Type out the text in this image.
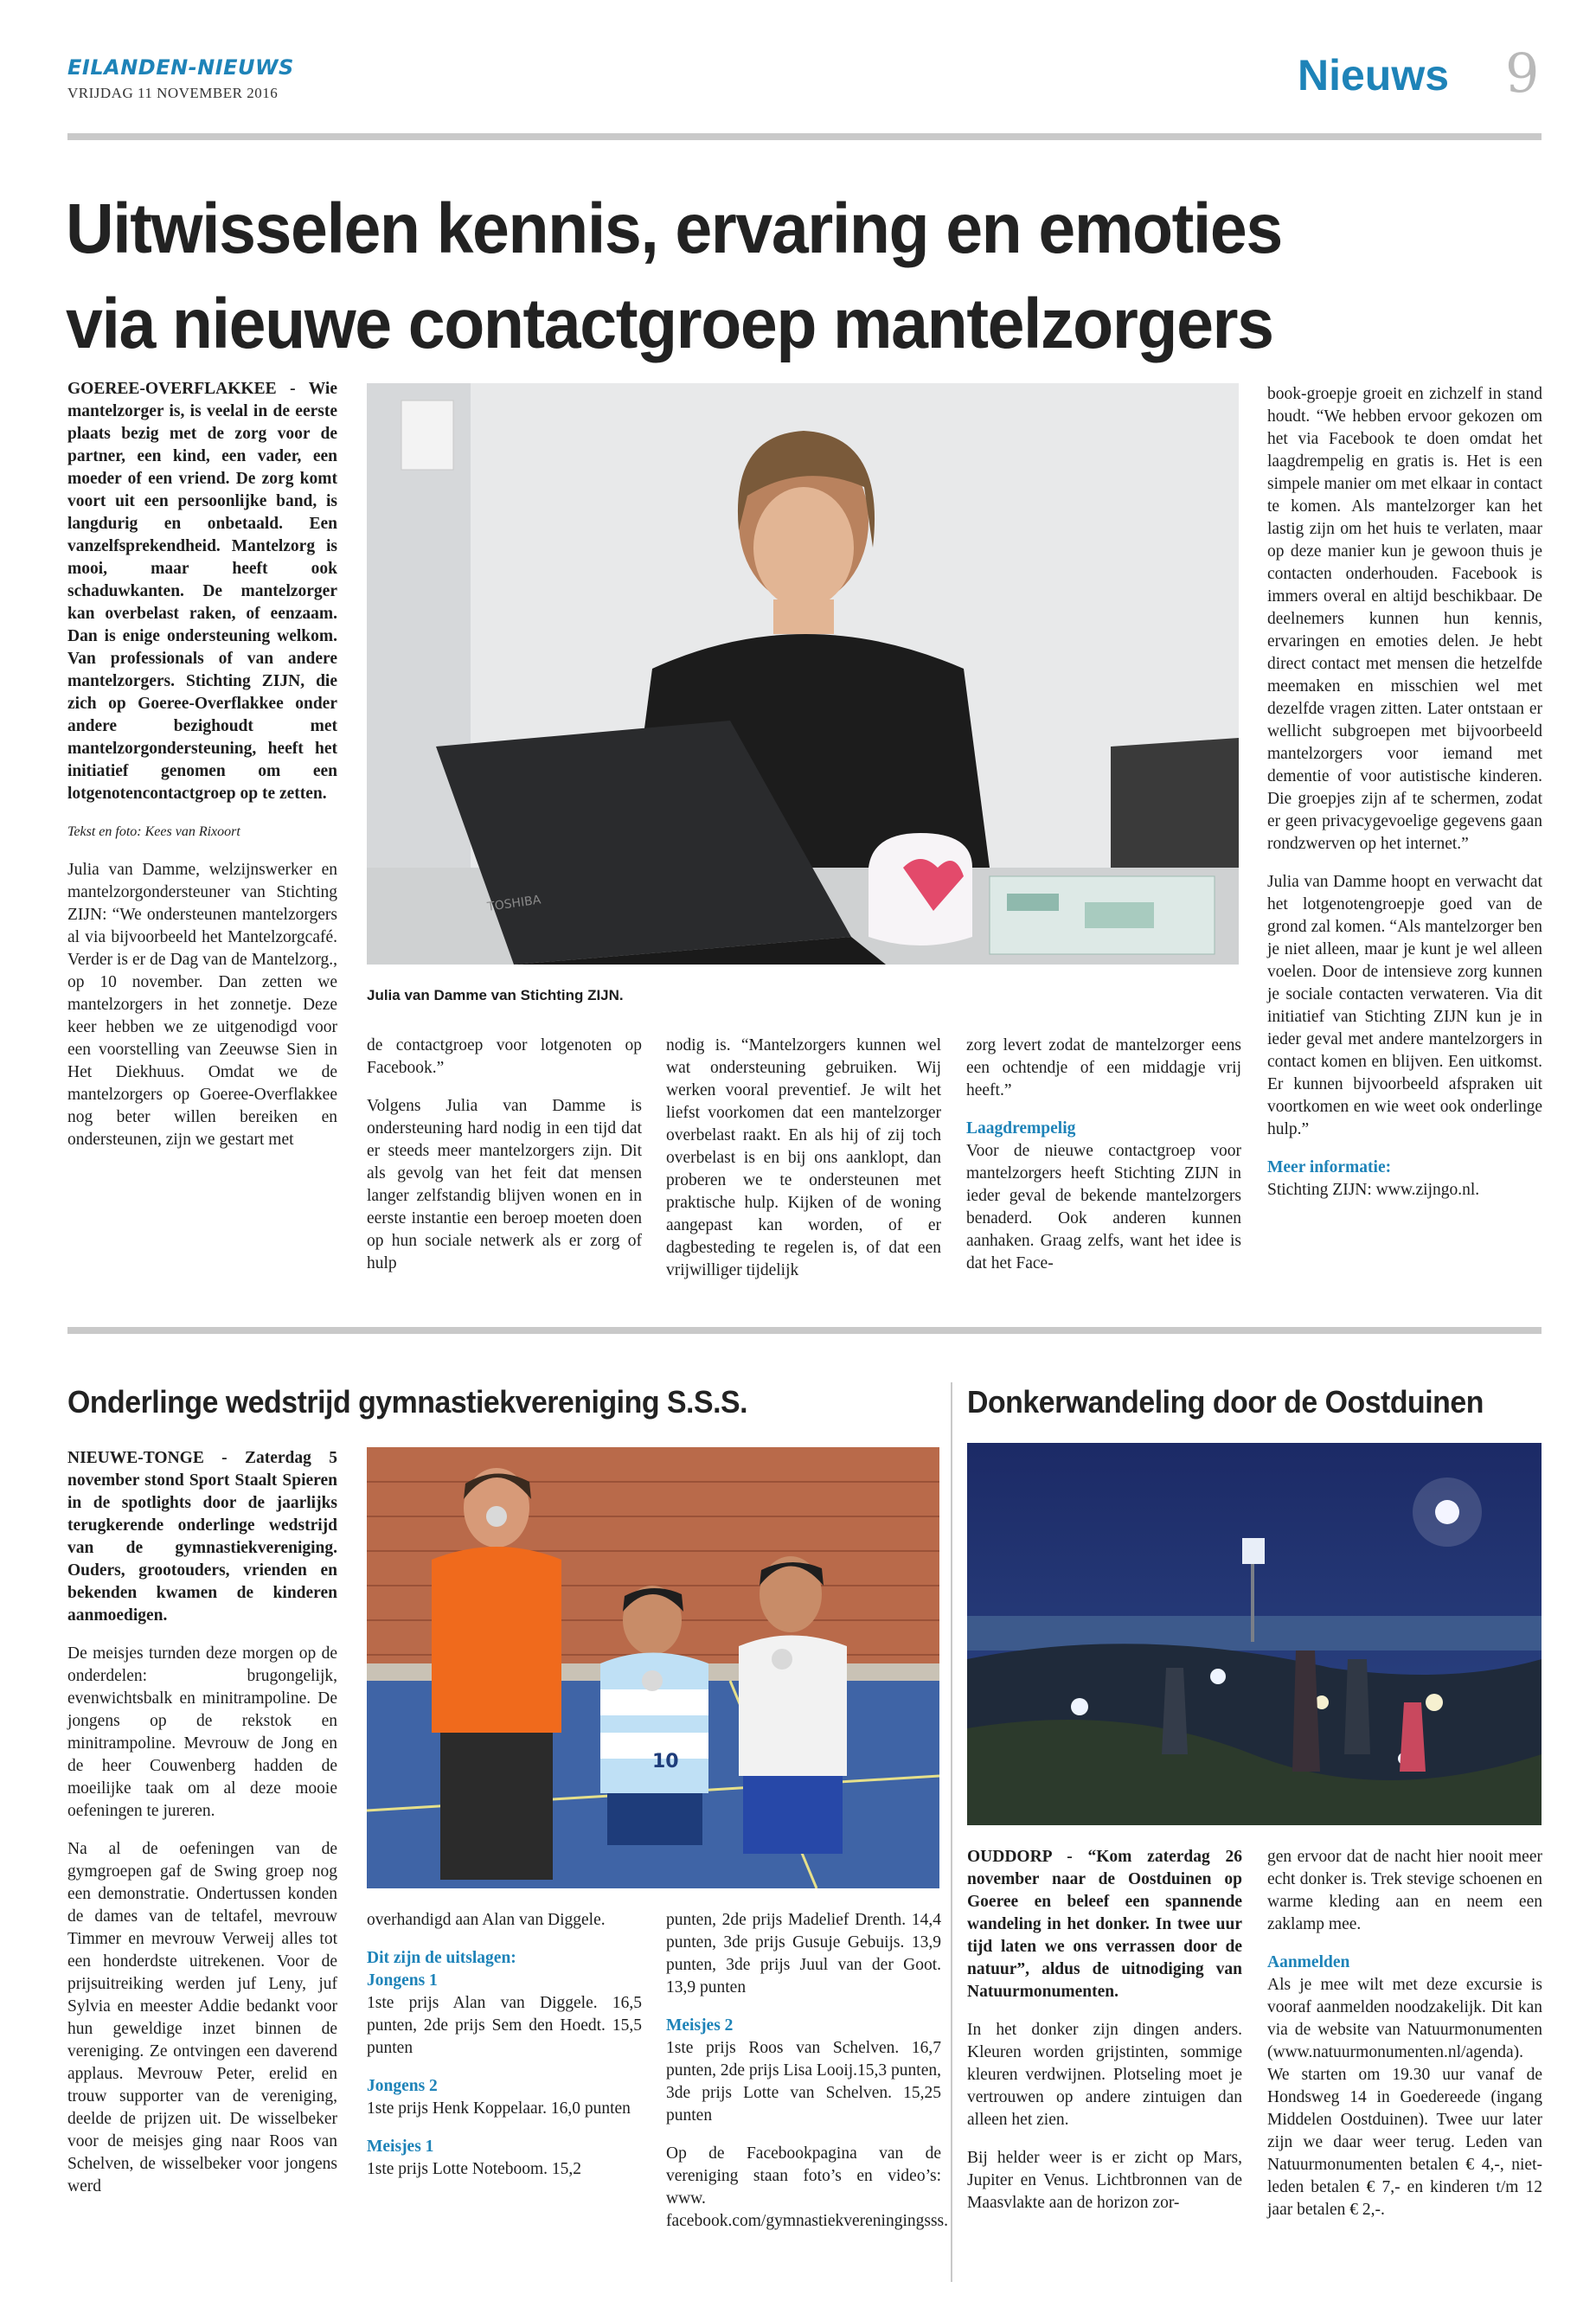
EILANDEN-NIEUWS
VRIJDAG 11 NOVEMBER 2016	Nieuws 9
Uitwisselen kennis, ervaring en emoties
via nieuwe contactgroep mantelzorgers

GOEREE-OVERFLAKKEE - Wie mantelzorger is, is veelal in de eerste plaats bezig met de zorg voor de partner, een kind, een vader, een moeder of een vriend. De zorg komt voort uit een persoonlijke band, is langdurig en onbetaald. Een vanzelfsprekendheid. Mantelzorg is mooi, maar heeft ook schaduwkanten. De mantelzorger kan overbelast raken, of eenzaam. Dan is enige ondersteuning welkom. Van professionals of van andere mantelzorgers. Stichting ZIJN, die zich op Goeree-Overflakkee onder andere bezighoudt met mantelzorgondersteuning, heeft het initiatief genomen om een lotgenotencontactgroep op te zetten.

Tekst en foto: Kees van Rixoort

Julia van Damme, welzijnswerker en mantelzorgondersteuner van Stichting ZIJN: “We ondersteunen mantelzorgers al via bijvoorbeeld het Mantelzorgcafé. Verder is er de Dag van de Mantelzorg., op 10 november. Dan zetten we mantelzorgers in het zonnetje. Deze keer hebben we ze uitgenodigd voor een voorstelling van Zeeuwse Sien in Het Diekhuus. Omdat we de mantelzorgers op Goeree-Overflakkee nog beter willen bereiken en ondersteunen, zijn we gestart met

TOSHIBA
Julia van Damme van Stichting ZIJN.

de contactgroep voor lotgenoten op Facebook.”

Volgens Julia van Damme is ondersteuning hard nodig in een tijd dat er steeds meer mantelzorgers zijn. Dit als gevolg van het feit dat mensen langer zelfstandig blijven wonen en in eerste instantie een beroep moeten doen op hun sociale netwerk als er zorg of hulp

nodig is. “Mantelzorgers kunnen wel wat ondersteuning gebruiken. Wij werken vooral preventief. Je wilt het liefst voorkomen dat een mantelzorger overbelast raakt. En als hij of zij toch overbelast is en bij ons aanklopt, dan proberen we te ondersteunen met praktische hulp. Kijken of de woning aangepast kan worden, of er dagbesteding te regelen is, of dat een vrijwilliger tijdelijk

zorg levert zodat de mantelzorger eens een ochtendje of een middagje vrij heeft.”

Laagdrempelig

Voor de nieuwe contactgroep voor mantelzorgers heeft Stichting ZIJN in ieder geval de bekende mantelzorgers benaderd. Ook anderen kunnen aanhaken. Graag zelfs, want het idee is dat het Face-

book-groepje groeit en zichzelf in stand houdt. “We hebben ervoor gekozen om het via Facebook te doen omdat het laagdrempelig en gratis is. Het is een simpele manier om met elkaar in contact te komen. Als mantelzorger kan het lastig zijn om het huis te verlaten, maar op deze manier kun je gewoon thuis je contacten onderhouden. Facebook is immers overal en altijd beschikbaar. De deelnemers kunnen hun kennis, ervaringen en emoties delen. Je hebt direct contact met mensen die hetzelfde meemaken en misschien wel met dezelfde vragen zitten. Later ontstaan er wellicht subgroepen met bijvoorbeeld mantelzorgers voor iemand met dementie of voor autistische kinderen. Die groepjes zijn af te schermen, zodat er geen privacygevoelige gegevens gaan rondzwerven op het internet.”

Julia van Damme hoopt en verwacht dat het lotgenotengroepje goed van de grond zal komen. “Als mantelzorger ben je niet alleen, maar je kunt je wel alleen voelen. Door de intensieve zorg kunnen je sociale contacten verwateren. Via dit initiatief van Stichting ZIJN kun je in ieder geval met andere mantelzorgers in contact komen en blijven. Een uitkomst. Er kunnen bijvoorbeeld afspraken uit voortkomen en wie weet ook onderlinge hulp.”

Meer informatie:
Stichting ZIJN: www.zijngo.nl.
Onderlinge wedstrijd gymnastiekvereniging S.S.S.

NIEUWE-TONGE - Zaterdag 5 november stond Sport Staalt Spieren in de spotlights door de jaarlijks terugkerende onderlinge wedstrijd van de gymnastiekvereniging. Ouders, grootouders, vrienden en bekenden kwamen de kinderen aanmoedigen.

De meisjes turnden deze morgen op de onderdelen: brugongelijk, evenwichtsbalk en minitrampoline. De jongens op de rekstok en minitrampoline. Mevrouw de Jong en de heer Couwenberg hadden de moeilijke taak om al deze mooie oefeningen te jureren.

Na al de oefeningen van de gymgroepen gaf de Swing groep nog een demonstratie. Ondertussen konden de dames van de teltafel, mevrouw Timmer en mevrouw Verweij alles tot een honderdste uitrekenen. Voor de prijsuitreiking werden juf Leny, juf Sylvia en meester Addie bedankt voor hun geweldige inzet binnen de vereniging. Ze ontvingen een daverend applaus. Mevrouw Peter, erelid en trouw supporter van de vereniging, deelde de prijzen uit. De wisselbeker voor de meisjes ging naar Roos van Schelven, de wisselbeker voor jongens werd

10

overhandigd aan Alan van Diggele.

Dit zijn de uitslagen:
Jongens 1

1ste prijs Alan van Diggele. 16,5 punten, 2de prijs Sem den Hoedt. 15,5 punten

Jongens 2

1ste prijs Henk Koppelaar. 16,0 punten

Meisjes 1

1ste prijs Lotte Noteboom. 15,2

punten, 2de prijs Madelief Drenth. 14,4 punten, 3de prijs Gusuje Gebuijs. 13,9 punten, 3de prijs Juul van der Goot. 13,9 punten

Meisjes 2

1ste prijs Roos van Schelven. 16,7 punten, 2de prijs Lisa Looij.15,3 punten, 3de prijs Lotte van Schelven. 15,25 punten

Op de Facebookpagina van de vereniging staan foto’s en video’s: www. facebook.com/gymnastiekvereningingsss.

Donkerwandeling door de Oostduinen

OUDDORP - “Kom zaterdag 26 november naar de Oostduinen op Goeree en beleef een spannende wandeling in het donker. In twee uur tijd laten we ons verrassen door de natuur”, aldus de uitnodiging van Natuurmonumenten.

In het donker zijn dingen anders. Kleuren worden grijstinten, sommige kleuren verdwijnen. Plotseling moet je vertrouwen op andere zintuigen dan alleen het zien.

Bij helder weer is er zicht op Mars, Jupiter en Venus. Lichtbronnen van de Maasvlakte aan de horizon zor-

gen ervoor dat de nacht hier nooit meer echt donker is. Trek stevige schoenen en warme kleding aan en neem een zaklamp mee.

Aanmelden

Als je mee wilt met deze excursie is vooraf aanmelden noodzakelijk. Dit kan via de website van Natuurmonumenten (www.natuurmonumenten.nl/agenda). We starten om 19.30 uur vanaf de Hondsweg 14 in Goedereede (ingang Middelen Oostduinen). Twee uur later zijn we daar weer terug. Leden van Natuurmonumenten betalen € 4,-, niet-leden betalen € 7,- en kinderen t/m 12 jaar betalen € 2,-.
